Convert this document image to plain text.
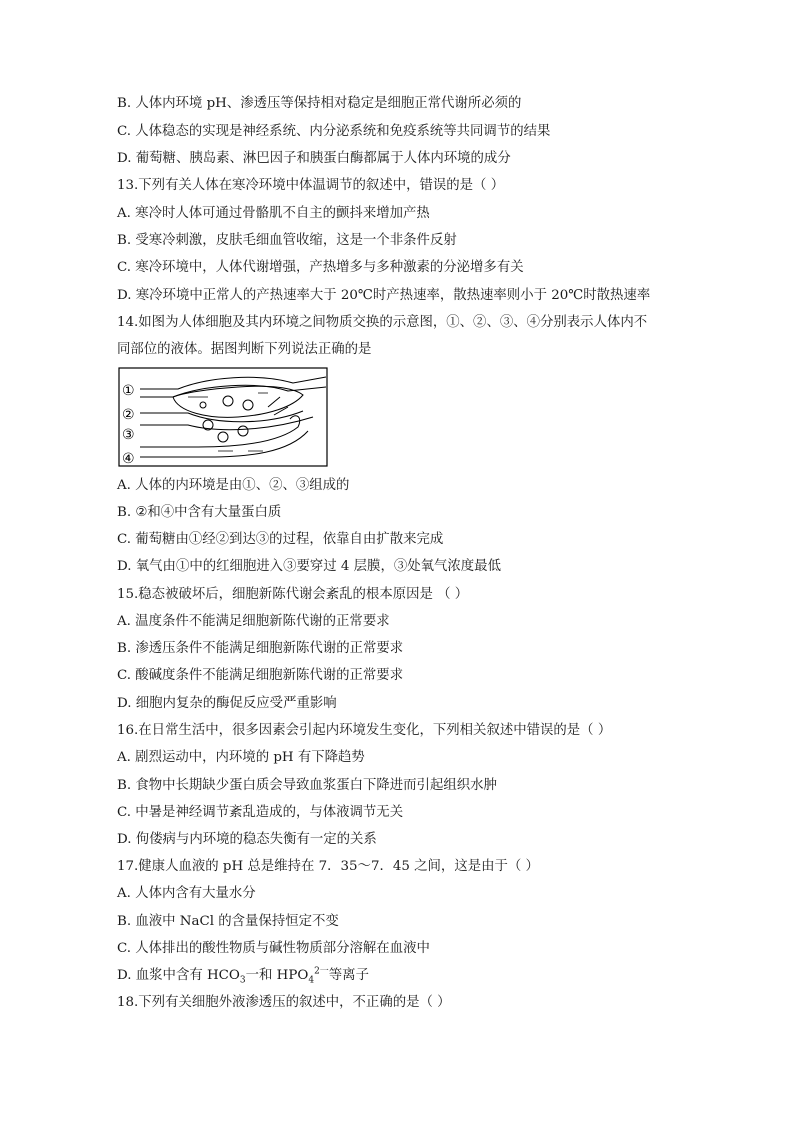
B. 人体内环境 pH、渗透压等保持相对稳定是细胞正常代谢所必须的
C. 人体稳态的实现是神经系统、内分泌系统和免疫系统等共同调节的结果
D. 葡萄糖、胰岛素、淋巴因子和胰蛋白酶都属于人体内环境的成分
13.下列有关人体在寒冷环境中体温调节的叙述中，错误的是（ ）
A. 寒冷时人体可通过骨骼肌不自主的颤抖来增加产热
B. 受寒冷刺激，皮肤毛细血管收缩，这是一个非条件反射
C. 寒冷环境中，人体代谢增强，产热增多与多种激素的分泌增多有关
D. 寒冷环境中正常人的产热速率大于 20℃时产热速率，散热速率则小于 20℃时散热速率
14.如图为人体细胞及其内环境之间物质交换的示意图，①、②、③、④分别表示人体内不
同部位的液体。据图判断下列说法正确的是
①
②
③
④
A. 人体的内环境是由①、②、③组成的
B. ②和④中含有大量蛋白质
C. 葡萄糖由①经②到达③的过程，依靠自由扩散来完成
D. 氧气由①中的红细胞进入③要穿过 4 层膜，③处氧气浓度最低
15.稳态被破坏后，细胞新陈代谢会紊乱的根本原因是 （ ）
A. 温度条件不能满足细胞新陈代谢的正常要求
B. 渗透压条件不能满足细胞新陈代谢的正常要求
C. 酸碱度条件不能满足细胞新陈代谢的正常要求
D. 细胞内复杂的酶促反应受严重影响
16.在日常生活中，很多因素会引起内环境发生变化，下列相关叙述中错误的是（ ）
A. 剧烈运动中，内环境的 pH 有下降趋势
B. 食物中长期缺少蛋白质会导致血浆蛋白下降进而引起组织水肿
C. 中暑是神经调节紊乱造成的，与体液调节无关
D. 佝偻病与内环境的稳态失衡有一定的关系
17.健康人血液的 pH 总是维持在 7．35～7．45 之间，这是由于（ ）
A. 人体内含有大量水分
B. 血液中 NaCl 的含量保持恒定不变
C. 人体排出的酸性物质与碱性物质部分溶解在血液中
D. 血浆中含有 $HCO_3$一和 $HPO_4^{2一}$等离子
18.下列有关细胞外液渗透压的叙述中，不正确的是（ ）
